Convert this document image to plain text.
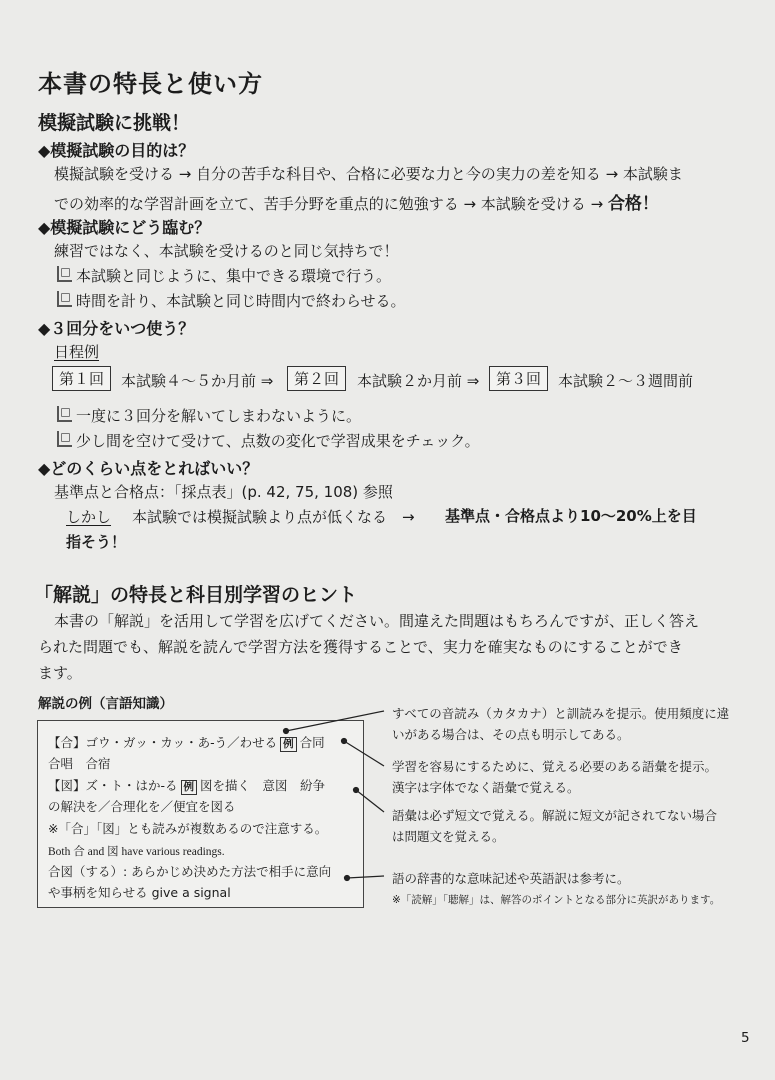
本書の特長と使い方
模擬試験に挑戦！
◆模擬試験の目的は？
模擬試験を受ける → 自分の苦手な科目や、合格に必要な力と今の実力の差を知る → 本試験ま
での効率的な学習計画を立て、苦手分野を重点的に勉強する → 本試験を受ける → 合格！
◆模擬試験にどう臨む？
練習ではなく、本試験を受けるのと同じ気持ちで！
本試験と同じように、集中できる環境で行う。
時間を計り、本試験と同じ時間内で終わらせる。
◆３回分をいつ使う？
日程例
第１回	本試験４～５か月前 ⇒	第２回	本試験２か月前 ⇒	第３回	本試験２～３週間前
一度に３回分を解いてしまわないように。
少し間を空けて受けて、点数の変化で学習成果をチェック。
◆どのくらい点をとればいい？
基準点と合格点：「採点表」(p. 42, 75, 108) 参照
しかし 本試験では模擬試験より点が低くなる　→ 基準点・合格点より10～20%上を目
指そう！
「解説」の特長と科目別学習のヒント
本書の「解説」を活用して学習を広げてください。間違えた問題はもちろんですが、正しく答え
られた問題でも、解説を読んで学習方法を獲得することで、実力を確実なものにすることができ
ます。
解説の例（言語知識）
【合】ゴウ・ガッ・カッ・あ-う／わせる 例 合同
合唱　合宿
【図】ズ・ト・はか-る 例 図を描く　意図　紛争
の解決を／合理化を／便宜を図る
※「合」「図」とも読みが複数あるので注意する。
Both 合 and 図 have various readings.
合図（する）: あらかじめ決めた方法で相手に意向
や事柄を知らせる give a signal
すべての音読み（カタカナ）と訓読みを提示。使用頻度に違
いがある場合は、その点も明示してある。
学習を容易にするために、覚える必要のある語彙を提示。
漢字は字体でなく語彙で覚える。
語彙は必ず短文で覚える。解説に短文が記されてない場合
は問題文を覚える。
語の辞書的な意味記述や英語訳は参考に。
※「読解」「聴解」は、解答のポイントとなる部分に英訳があります。
5
